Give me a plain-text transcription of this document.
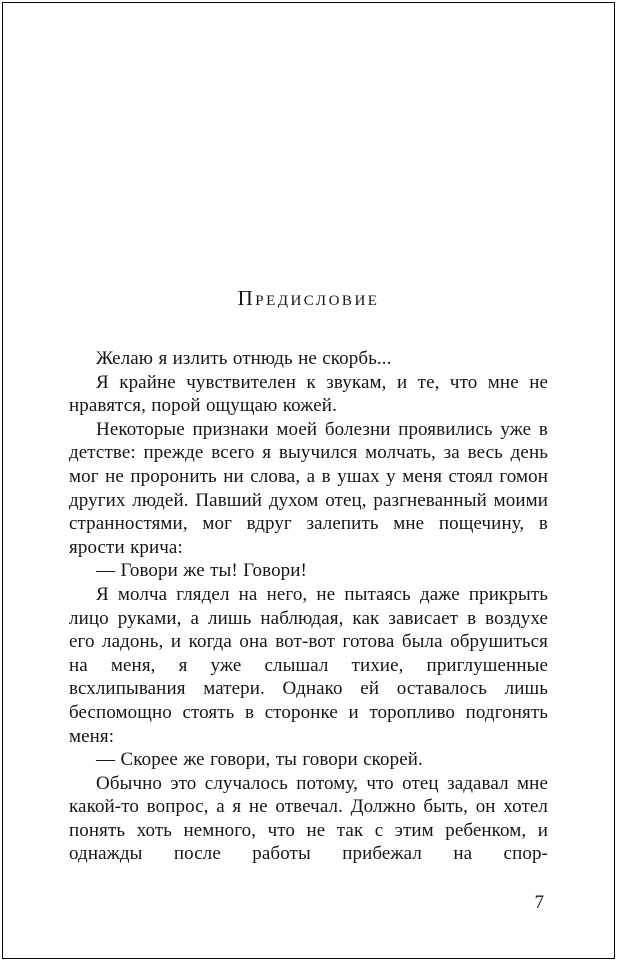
Предисловие

Желаю я излить отнюдь не скорбь...

Я крайне чувствителен к звукам, и те, что мне не нравятся, порой ощущаю кожей.

Некоторые признаки моей болезни проявились уже в детстве: прежде всего я выучился молчать, за весь день мог не проронить ни слова, а в ушах у меня стоял гомон других людей. Павший духом отец, разгневанный моими странностями, мог вдруг залепить мне пощечину, в ярости крича:

— Говори же ты! Говори!

Я молча глядел на него, не пытаясь даже прикрыть лицо руками, а лишь наблюдая, как зависает в воздухе его ладонь, и когда она вот-вот готова была обрушиться на меня, я уже слышал тихие, приглушенные всхлипывания матери. Однако ей оставалось лишь беспомощно стоять в сторонке и торопливо подгонять меня:

— Скорее же говори, ты говори скорей.

Обычно это случалось потому, что отец задавал мне какой-то вопрос, а я не отвечал. Должно быть, он хотел понять хоть немного, что не так с этим ребенком, и однажды после работы прибежал на спор-

7
